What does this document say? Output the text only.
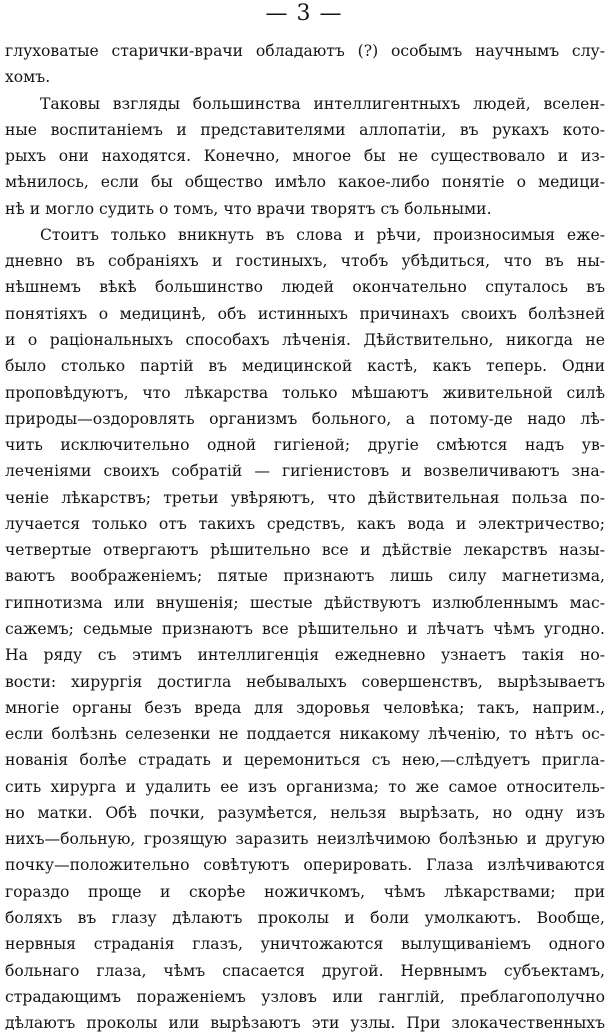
— 3 —
глуховатые старички-врачи обладаютъ (?) особымъ научнымъ слу-
хомъ.
Таковы взгляды большинства интеллигентныхъ людей, вселен-
ные воспитаніемъ и представителями аллопатіи, въ рукахъ кото-
рыхъ они находятся. Конечно, многое бы не существовало и из-
мѣнилось, если бы общество имѣло какое-либо понятіе о медици-
нѣ и могло судить о томъ, что врачи творятъ съ больными.
Стоитъ только вникнуть въ слова и рѣчи, произносимыя еже-
дневно въ собраніяхъ и гостиныхъ, чтобъ убѣдиться, что въ ны-
нѣшнемъ вѣкѣ большинство людей окончательно спуталось въ
понятіяхъ о медицинѣ, объ истинныхъ причинахъ своихъ болѣзней
и о раціональныхъ способахъ лѣченія. Дѣйствительно, никогда не
было столько партій въ медицинской кастѣ, какъ теперь. Одни
проповѣдуютъ, что лѣкарства только мѣшаютъ живительной силѣ
природы—оздоровлять организмъ больного, а потому-де надо лѣ-
чить исключительно одной гигіеной; другіе смѣются надъ ув-
лечeніями своихъ собратій — гигіенистовъ и возвеличиваютъ зна-
ченіе лѣкарствъ; третьи увѣряютъ, что дѣйствительная польза по-
лучается только отъ такихъ средствъ, какъ вода и электричество;
четвертые отвергаютъ рѣшительно все и дѣйствіе лекарствъ назы-
ваютъ воображеніемъ; пятые признаютъ лишь силу магнетизма,
гипнотизма или внушенія; шестые дѣйствуютъ излюбленнымъ мас-
сажемъ; седьмые признаютъ все рѣшительно и лѣчатъ чѣмъ угодно.
На ряду съ этимъ интеллигенція ежедневно узнаетъ такія но-
вости: хирургія достигла небывалыхъ совершенствъ, вырѣзываетъ
многіе органы безъ вреда для здоровья человѣка; такъ, наприм.,
если болѣзнь селезенки не поддается никакому лѣченію, то нѣтъ ос-
нованія болѣе страдать и церемониться съ нею,—слѣдуетъ пригла-
сить хирурга и удалить ее изъ организма; то же самое относитель-
но матки. Обѣ почки, разумѣется, нельзя вырѣзать, но одну изъ
нихъ—больную, грозящую заразить неизлѣчимою болѣзнью и другую
почку—положительно совѣтуютъ оперировать. Глаза излѣчиваются
гораздо проще и скорѣе ножичкомъ, чѣмъ лѣкарствами; при
боляхъ въ глазу дѣлаютъ проколы и боли умолкаютъ. Вообще,
нервныя страданія глазъ, уничтожаются вылущиваніемъ одного
больнаго глаза, чѣмъ спасается другой. Нервнымъ субъектамъ,
страдающимъ пораженіемъ узловъ или ганглій, преблагополучно
дѣлаютъ проколы или вырѣзаютъ эти узлы. При злокачественныхъ
